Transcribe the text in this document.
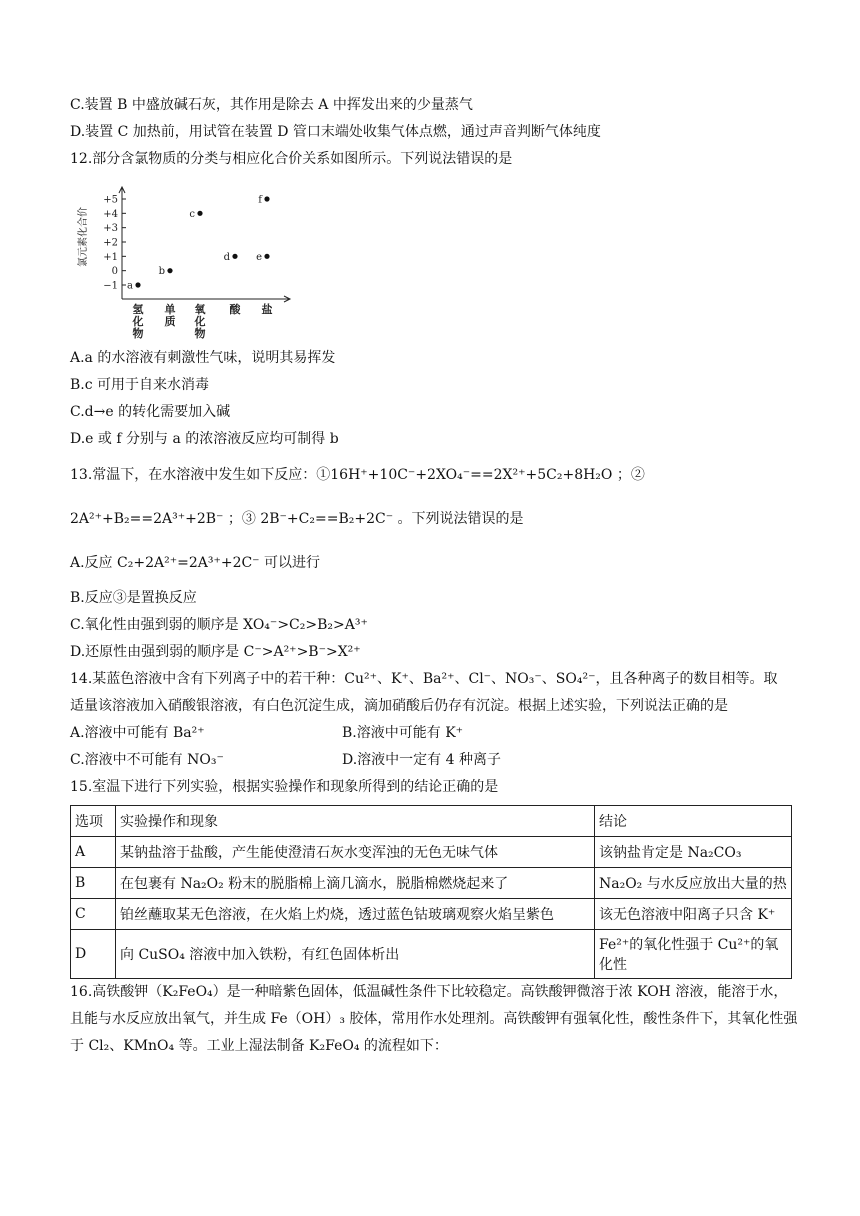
C.装置 B 中盛放碱石灰，其作用是除去 A 中挥发出来的少量蒸气
D.装置 C 加热前，用试管在装置 D 管口末端处收集气体点燃，通过声音判断气体纯度
12.部分含氯物质的分类与相应化合价关系如图所示。下列说法错误的是
+5
+4
+3
+2
+1
0
−1
氯元素化合价
氢
化
物
单
质
氧
化
物
酸 盐
a
b
c
d	e
f
A.a 的水溶液有刺激性气味，说明其易挥发
B.c 可用于自来水消毒
C.d→e 的转化需要加入碱
D.e 或 f 分别与 a 的浓溶液反应均可制得 b
13.常温下，在水溶液中发生如下反应：①16H⁺+10C⁻+2XO₄⁻==2X²⁺+5C₂+8H₂O ；②
2A²⁺+B₂==2A³⁺+2B⁻ ；③ 2B⁻+C₂==B₂+2C⁻ 。下列说法错误的是
A.反应 C₂+2A²⁺=2A³⁺+2C⁻ 可以进行
B.反应③是置换反应
C.氧化性由强到弱的顺序是 XO₄⁻>C₂>B₂>A³⁺
D.还原性由强到弱的顺序是 C⁻>A²⁺>B⁻>X²⁺
14.某蓝色溶液中含有下列离子中的若干种：Cu²⁺、K⁺、Ba²⁺、Cl⁻、NO₃⁻、SO₄²⁻，且各种离子的数目相等。取
适量该溶液加入硝酸银溶液，有白色沉淀生成，滴加硝酸后仍存有沉淀。根据上述实验，下列说法正确的是
A.溶液中可能有 Ba²⁺	B.溶液中可能有 K⁺
C.溶液中不可能有 NO₃⁻	D.溶液中一定有 4 种离子
15.室温下进行下列实验，根据实验操作和现象所得到的结论正确的是
选项	实验操作和现象	结论
A	某钠盐溶于盐酸，产生能使澄清石灰水变浑浊的无色无味气体	该钠盐肯定是 Na₂CO₃
B	在包裹有 Na₂O₂ 粉末的脱脂棉上滴几滴水，脱脂棉燃烧起来了	Na₂O₂ 与水反应放出大量的热
C	铂丝蘸取某无色溶液，在火焰上灼烧，透过蓝色钴玻璃观察火焰呈紫色	该无色溶液中阳离子只含 K⁺
D	向 CuSO₄ 溶液中加入铁粉，有红色固体析出	Fe²⁺的氧化性强于 Cu²⁺的氧化性
16.高铁酸钾（K₂FeO₄）是一种暗紫色固体，低温碱性条件下比较稳定。高铁酸钾微溶于浓 KOH 溶液，能溶于水，且能与水反应放出氧气，并生成 Fe（OH）₃ 胶体，常用作水处理剂。高铁酸钾有强氧化性，酸性条件下，其氧化性强于 Cl₂、KMnO₄ 等。工业上湿法制备 K₂FeO₄ 的流程如下：
